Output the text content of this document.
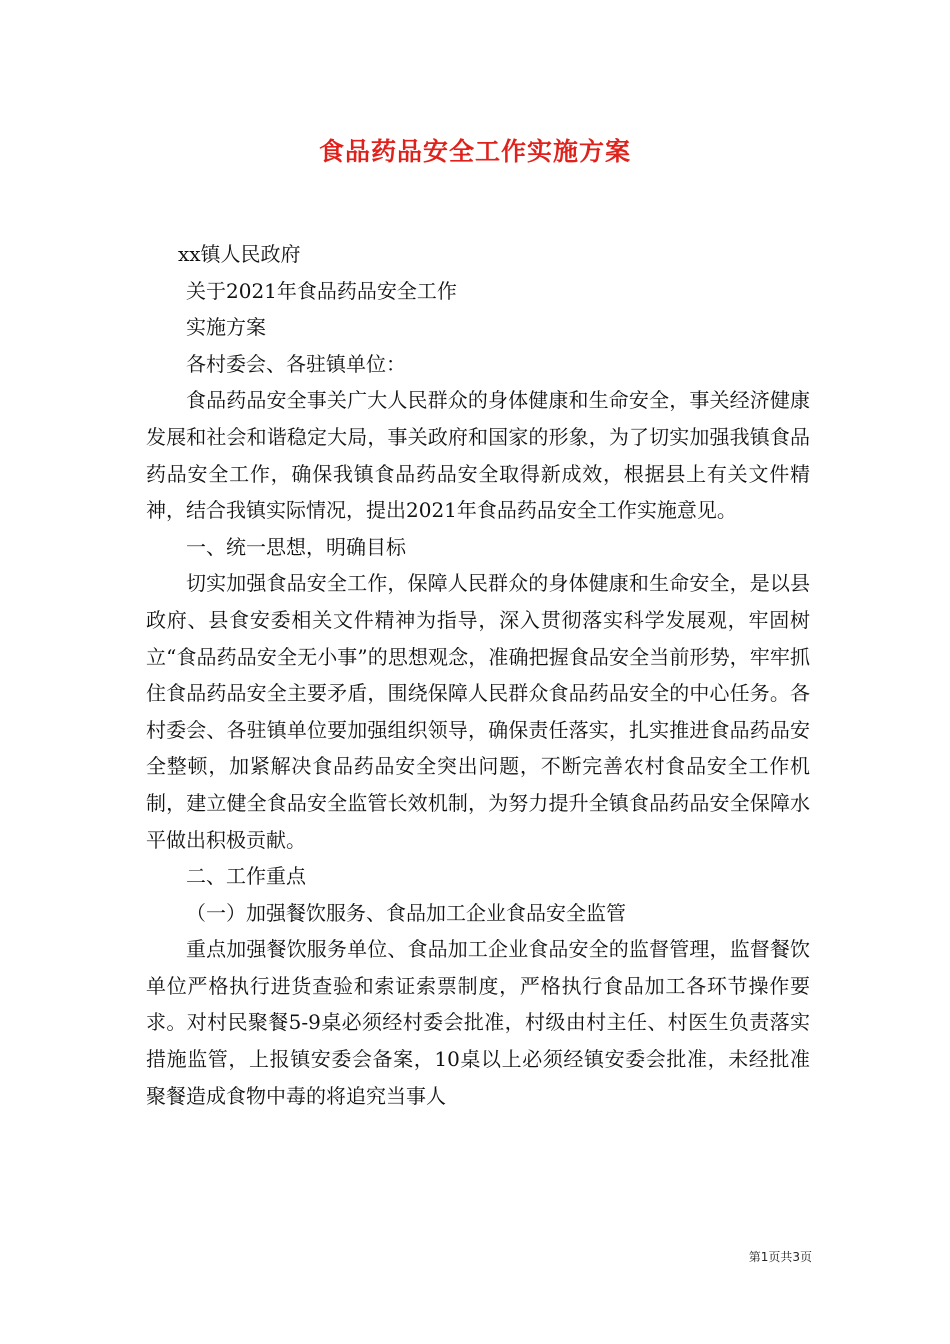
食品药品安全工作实施方案

xx镇人民政府

关于2021年食品药品安全工作

实施方案

各村委会、各驻镇单位：

食品药品安全事关广大人民群众的身体健康和生命安全，事关经济健康发展和社会和谐稳定大局，事关政府和国家的形象，为了切实加强我镇食品药品安全工作，确保我镇食品药品安全取得新成效，根据县上有关文件精神，结合我镇实际情况，提出2021年食品药品安全工作实施意见。

一、统一思想，明确目标

切实加强食品安全工作，保障人民群众的身体健康和生命安全，是以县政府、县食安委相关文件精神为指导，深入贯彻落实科学发展观，牢固树立“食品药品安全无小事”的思想观念，准确把握食品安全当前形势，牢牢抓住食品药品安全主要矛盾，围绕保障人民群众食品药品安全的中心任务。各村委会、各驻镇单位要加强组织领导，确保责任落实，扎实推进食品药品安全整顿，加紧解决食品药品安全突出问题，不断完善农村食品安全工作机制，建立健全食品安全监管长效机制，为努力提升全镇食品药品安全保障水平做出积极贡献。

二、工作重点

（一）加强餐饮服务、食品加工企业食品安全监管

重点加强餐饮服务单位、食品加工企业食品安全的监督管理，监督餐饮单位严格执行进货查验和索证索票制度，严格执行食品加工各环节操作要求。对村民聚餐5-9桌必须经村委会批准，村级由村主任、村医生负责落实措施监管，上报镇安委会备案，10桌以上必须经镇安委会批准，未经批准聚餐造成食物中毒的将追究当事人

第1页共3页
